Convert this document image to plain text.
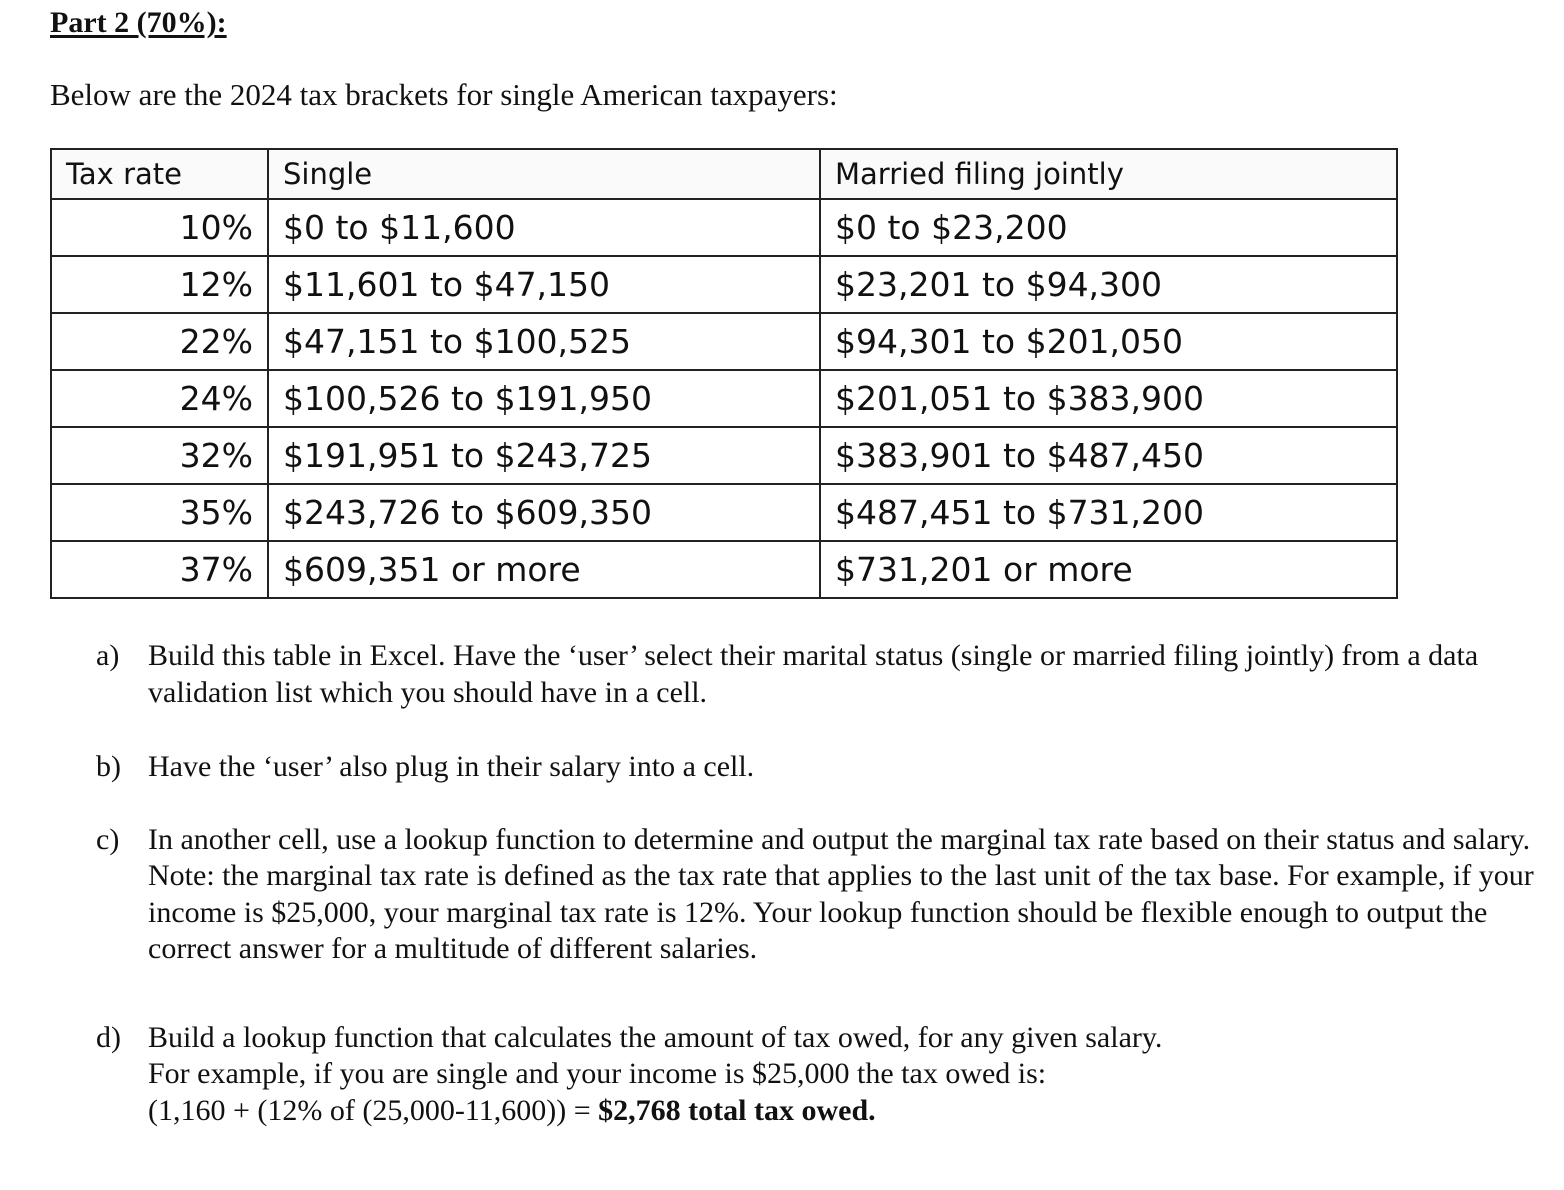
Part 2 (70%):
Below are the 2024 tax brackets for single American taxpayers:
Tax rate	Single	Married filing jointly
10%	$0 to $11,600	$0 to $23,200
12%	$11,601 to $47,150	$23,201 to $94,300
22%	$47,151 to $100,525	$94,301 to $201,050
24%	$100,526 to $191,950	$201,051 to $383,900
32%	$191,951 to $243,725	$383,901 to $487,450
35%	$243,726 to $609,350	$487,451 to $731,200
37%	$609,351 or more	$731,201 or more
a) Build this table in Excel. Have the ‘user’ select their marital status (single or married filing jointly) from a data validation list which you should have in a cell.
b) Have the ‘user’ also plug in their salary into a cell.
c) In another cell, use a lookup function to determine and output the marginal tax rate based on their status and salary.
Note: the marginal tax rate is defined as the tax rate that applies to the last unit of the tax base. For example, if your income is $25,000, your marginal tax rate is 12%. Your lookup function should be flexible enough to output the correct answer for a multitude of different salaries.
d) Build a lookup function that calculates the amount of tax owed, for any given salary.
For example, if you are single and your income is $25,000 the tax owed is:
(1,160 + (12% of (25,000-11,600)) = $2,768 total tax owed.
